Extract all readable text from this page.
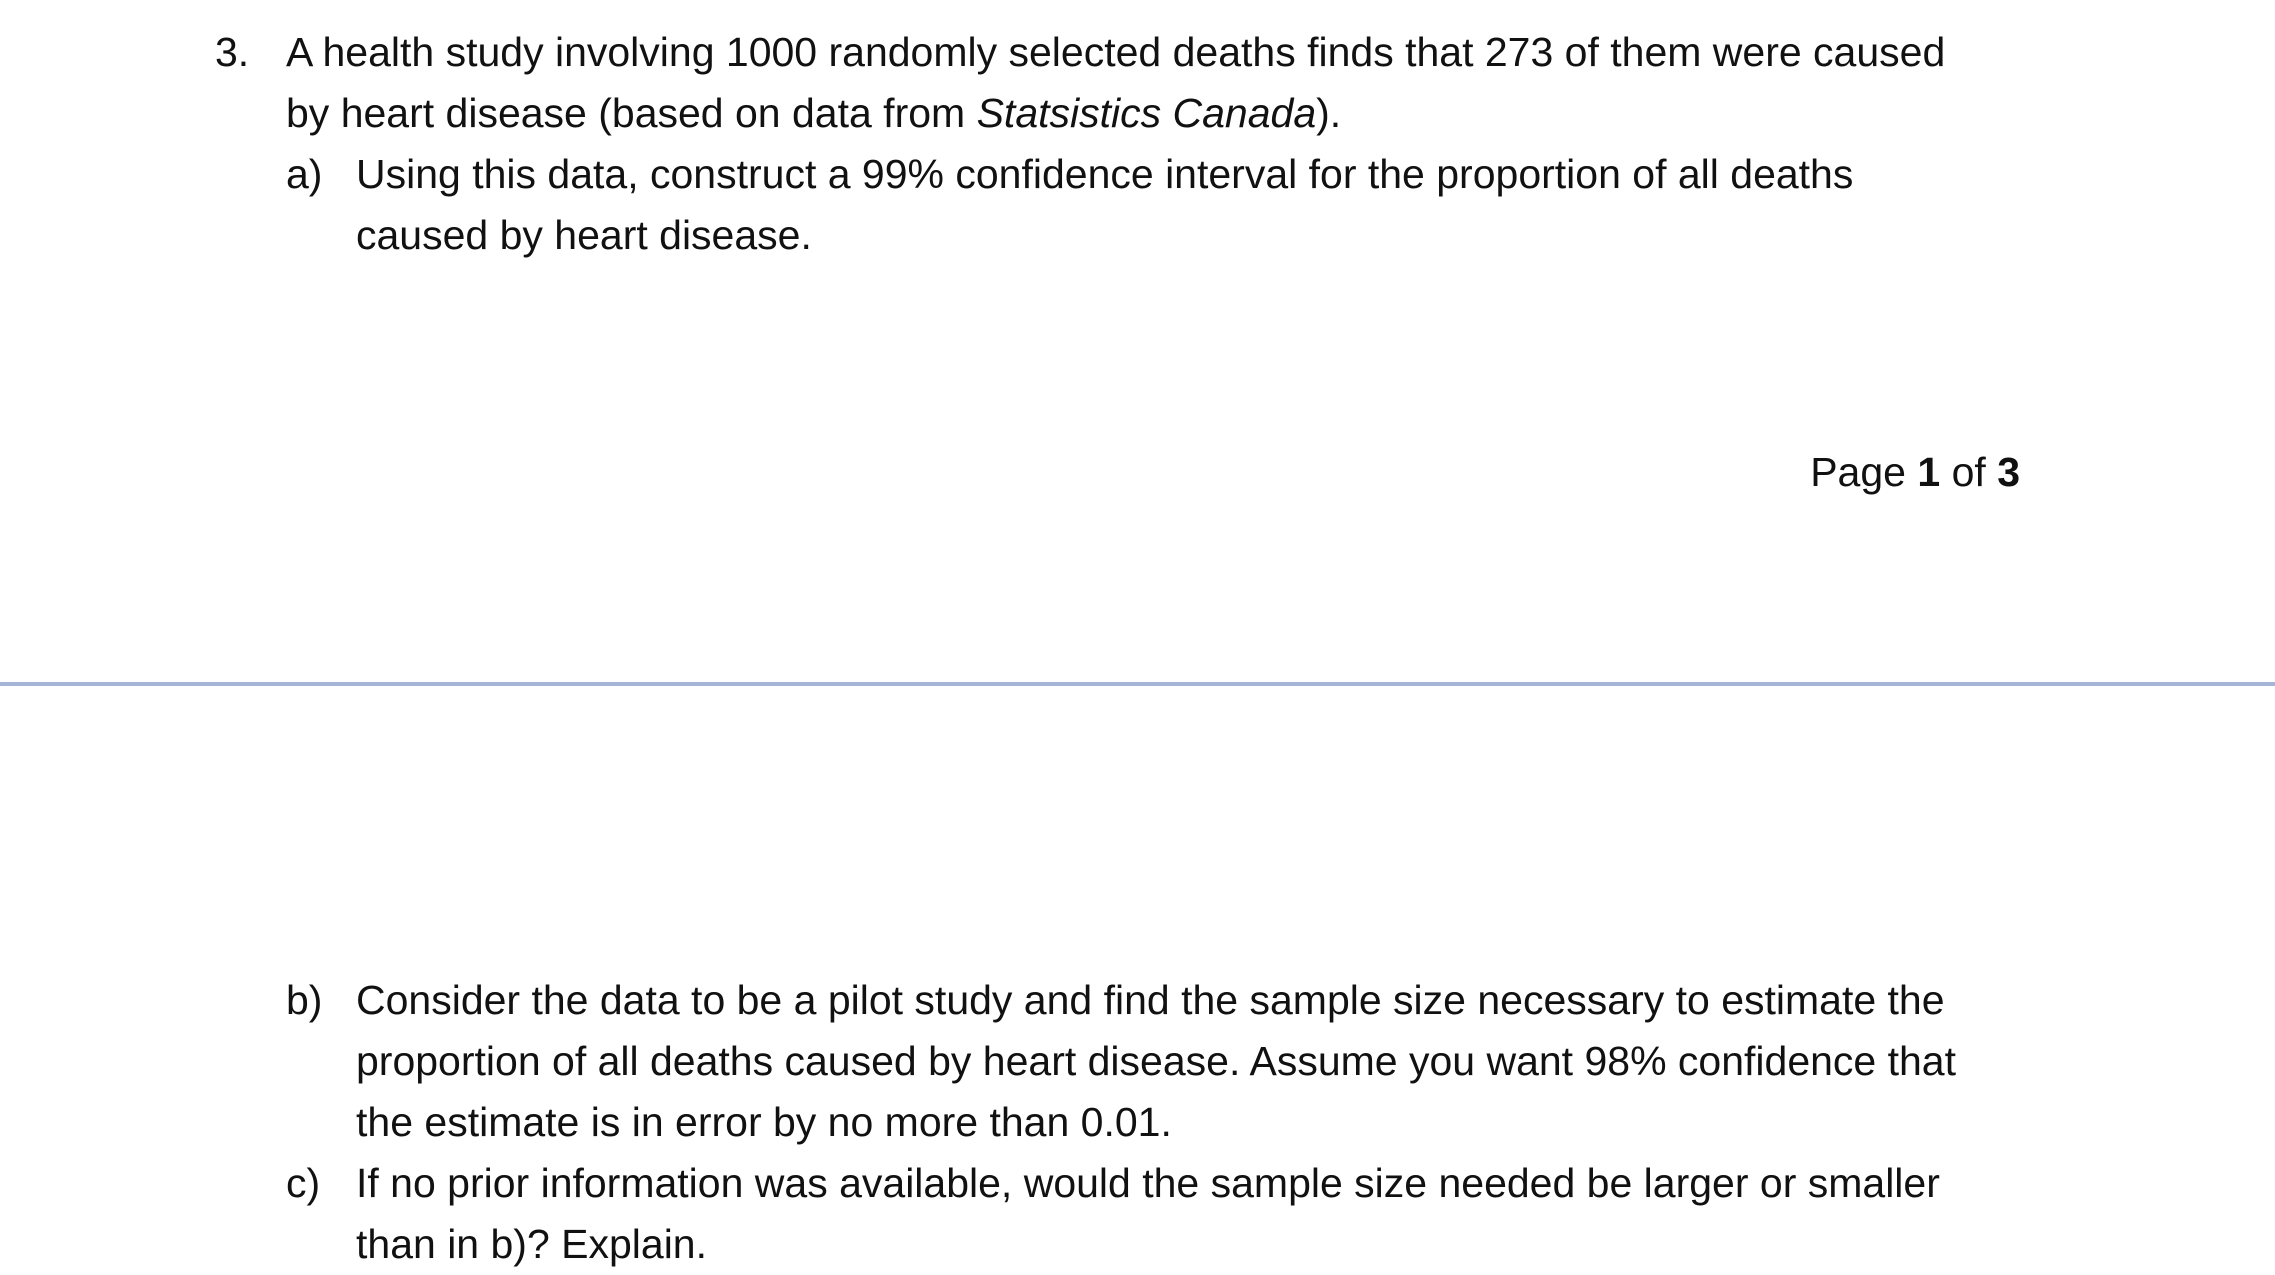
3. A health study involving 1000 randomly selected deaths finds that 273 of them were caused
by heart disease (based on data from Statsistics Canada).
a) Using this data, construct a 99% confidence interval for the proportion of all deaths
caused by heart disease.
Page 1 of 3
b) Consider the data to be a pilot study and find the sample size necessary to estimate the
proportion of all deaths caused by heart disease. Assume you want 98% confidence that
the estimate is in error by no more than 0.01.
c) If no prior information was available, would the sample size needed be larger or smaller
than in b)? Explain.
